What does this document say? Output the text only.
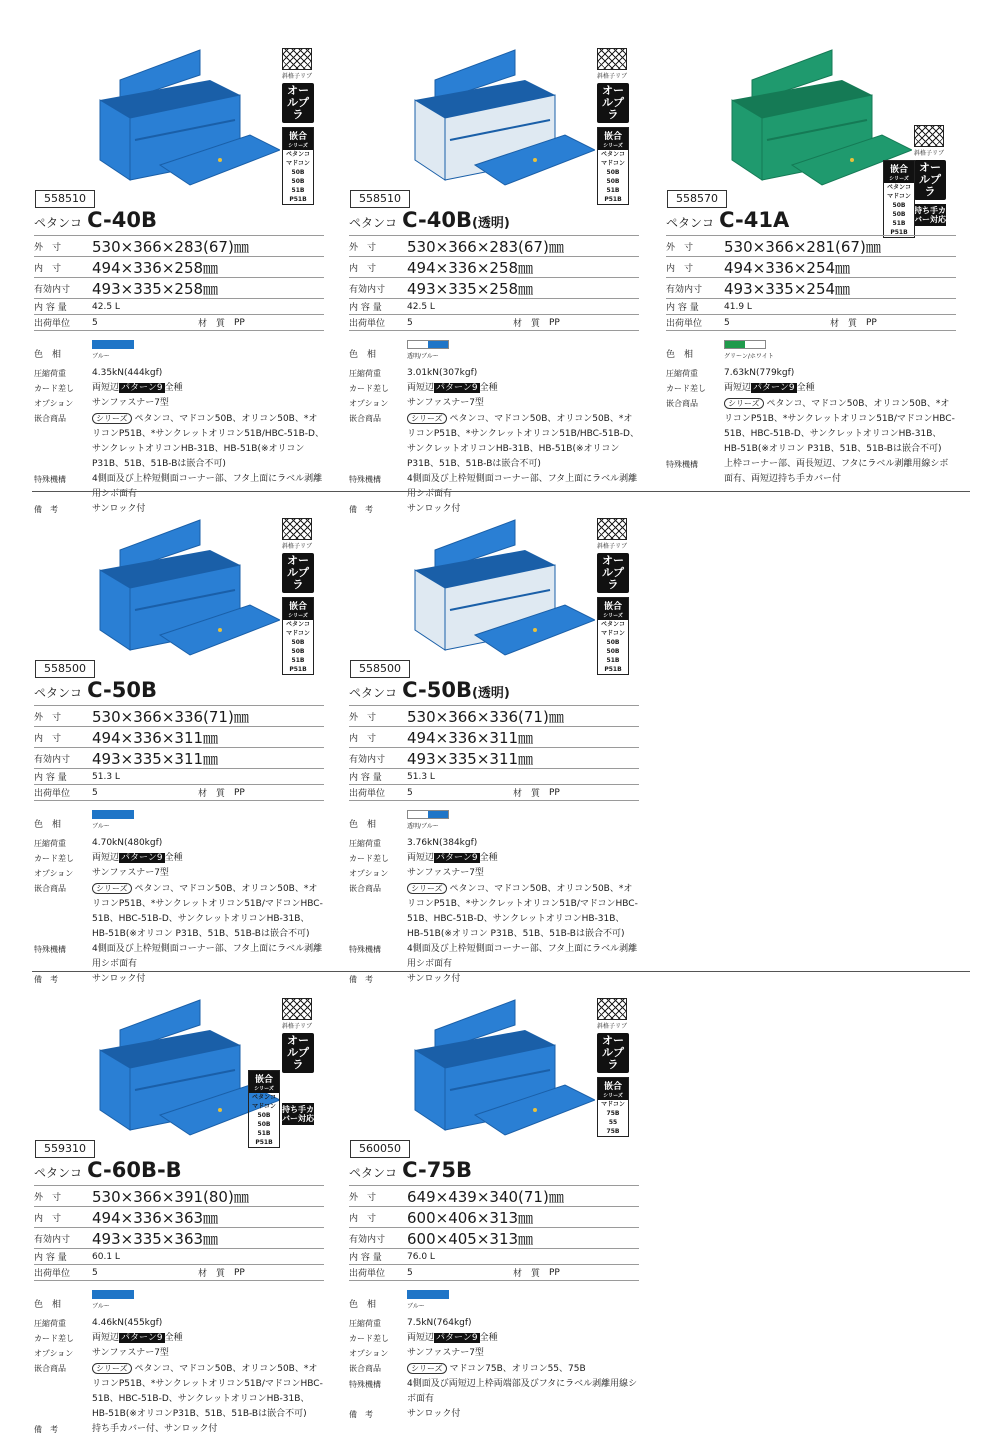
斜格子リブ
オールプラ
嵌合
シリーズ
ペタンコ
マドコン 50B
50B
51B
P51B
558510
ペタンコ C-40B
外　寸	530×366×283(67)㎜
内　寸	494×336×258㎜
有効内寸	493×335×258㎜
内 容 量	42.5 L
出荷単位	5	材　質 PP
色　相	ブルー
圧縮荷重	4.35kN(444kgf)
カード差し	両短辺 パターン9 全種
オプション	サンファスナー7型
嵌合商品	シリーズ ペタンコ、マドコン50B、オリコン50B、*オリコンP51B、*サンクレットオリコン51B/HBC-51B-D、サンクレットオリコンHB-31B、HB-51B(※オリコン P31B、51B、51B-Bは嵌合不可)
特殊機構	4側面及び上枠短側面コーナー部、フタ上面にラベル剥離用シボ面有
備　考	サンロック付
斜格子リブ
オールプラ
嵌合
シリーズ
ペタンコ
マドコン 50B
50B
51B
P51B
558510
ペタンコ C-40B(透明)
外　寸	530×366×283(67)㎜
内　寸	494×336×258㎜
有効内寸	493×335×258㎜
内 容 量	42.5 L
出荷単位	5	材　質 PP
色　相	透明/ブルー
圧縮荷重	3.01kN(307kgf)
カード差し	両短辺 パターン9 全種
オプション	サンファスナー7型
嵌合商品	シリーズ ペタンコ、マドコン50B、オリコン50B、*オリコンP51B、*サンクレットオリコン51B/HBC-51B-D、サンクレットオリコンHB-31B、HB-51B(※オリコン P31B、51B、51B-Bは嵌合不可)
特殊機構	4側面及び上枠短側面コーナー部、フタ上面にラベル剥離用シボ面有
備　考	サンロック付
斜格子リブ
オールプラ
持ち手カバー対応
嵌合
シリーズ
ペタンコ
マドコン 50B
50B
51B
P51B
558570
ペタンコ C-41A
外　寸	530×366×281(67)㎜
内　寸	494×336×254㎜
有効内寸	493×335×254㎜
内 容 量	41.9 L
出荷単位	5	材　質 PP
色　相	グリーン/ホワイト
圧縮荷重	7.63kN(779kgf)
カード差し	両短辺 パターン9 全種
嵌合商品	シリーズ ペタンコ、マドコン50B、オリコン50B、*オリコンP51B、*サンクレットオリコン51B/マドコンHBC-51B、HBC-51B-D、サンクレットオリコンHB-31B、HB-51B(※オリコン P31B、51B、51B-Bは嵌合不可)
特殊機構	上枠コーナー部、両長短辺、フタにラベル剥離用線シボ面有、両短辺持ち手カバー付
斜格子リブ
オールプラ
嵌合
シリーズ
ペタンコ
マドコン 50B
50B
51B
P51B
558500
ペタンコ C-50B
外　寸	530×366×336(71)㎜
内　寸	494×336×311㎜
有効内寸	493×335×311㎜
内 容 量	51.3 L
出荷単位	5	材　質 PP
色　相	ブルー
圧縮荷重	4.70kN(480kgf)
カード差し	両短辺 パターン9 全種
オプション	サンファスナー7型
嵌合商品	シリーズ ペタンコ、マドコン50B、オリコン50B、*オリコンP51B、*サンクレットオリコン51B/マドコンHBC-51B、HBC-51B-D、サンクレットオリコンHB-31B、HB-51B(※オリコン P31B、51B、51B-Bは嵌合不可)
特殊機構	4側面及び上枠短側面コーナー部、フタ上面にラベル剥離用シボ面有
備　考	サンロック付
斜格子リブ
オールプラ
嵌合
シリーズ
ペタンコ
マドコン 50B
50B
51B
P51B
558500
ペタンコ C-50B(透明)
外　寸	530×366×336(71)㎜
内　寸	494×336×311㎜
有効内寸	493×335×311㎜
内 容 量	51.3 L
出荷単位	5	材　質 PP
色　相	透明/ブルー
圧縮荷重	3.76kN(384kgf)
カード差し	両短辺 パターン9 全種
オプション	サンファスナー7型
嵌合商品	シリーズ ペタンコ、マドコン50B、オリコン50B、*オリコンP51B、*サンクレットオリコン51B/マドコンHBC-51B、HBC-51B-D、サンクレットオリコンHB-31B、HB-51B(※オリコン P31B、51B、51B-Bは嵌合不可)
特殊機構	4側面及び上枠短側面コーナー部、フタ上面にラベル剥離用シボ面有
備　考	サンロック付
斜格子リブ
オールプラ
嵌合
シリーズ
ペタンコ
マドコン 50B
50B
51B
P51B
持ち手カバー対応
559310
ペタンコ C-60B-B
外　寸	530×366×391(80)㎜
内　寸	494×336×363㎜
有効内寸	493×335×363㎜
内 容 量	60.1 L
出荷単位	5	材　質 PP
色　相	ブルー
圧縮荷重	4.46kN(455kgf)
カード差し	両短辺 パターン9 全種
オプション	サンファスナー7型
嵌合商品	シリーズ ペタンコ、マドコン50B、オリコン50B、*オリコンP51B、*サンクレットオリコン51B/マドコンHBC-51B、HBC-51B-D、サンクレットオリコンHB-31B、HB-51B(※オリコンP31B、51B、51B-Bは嵌合不可)
備　考	持ち手カバー付、サンロック付
斜格子リブ
オールプラ
嵌合
シリーズ
マドコン75B
55
75B
560050
ペタンコ C-75B
外　寸	649×439×340(71)㎜
内　寸	600×406×313㎜
有効内寸	600×405×313㎜
内 容 量	76.0 L
出荷単位	5	材　質 PP
色　相	ブルー
圧縮荷重	7.5kN(764kgf)
カード差し	両短辺 パターン9 全種
オプション	サンファスナー7型
嵌合商品	シリーズ マドコン75B、オリコン55、75B
特殊機構	4側面及び両短辺上枠両端部及びフタにラベル剥離用線シボ面有
備　考	サンロック付
